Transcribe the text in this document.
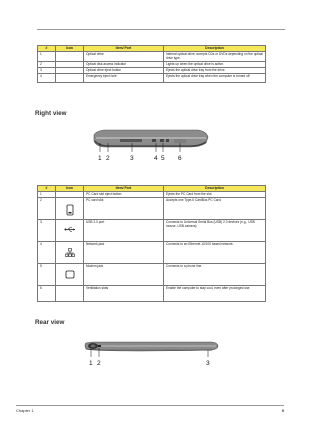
#	Icon	Item/ Port	Description
1		Optical drive	Internal optical drive; accepts CDs or DVDs depending on the optical drive type.
2		Optical disk access indicator	Lights up when the optical drive is active.
3		Optical drive eject button	Ejects the optical drive tray from the drive.
4		Emergency eject hole	Ejects the optical drive tray when the computer is turned off
Right view
1 2	3	4 5 6
#	Icon	Item/ Port	Description
1		PC Card slot eject button	Ejects the PC Card from the slot
2		PC card slot	Accepts one Type-II CardBus PC Card.
3		USB 2.0 port	Connects to Universal Serial Bus (USB) 2.0 devices (e.g., USB mouse, USB camera).
4		Network jack	Connects to an Ethernet 10/100 based network.
5		Modem jack	Connects to a phone line.
6		Ventilation slots	Enable the computer to stay cool, even after prolonged use.
Rear view
1 2	3
Chapter 1	9
